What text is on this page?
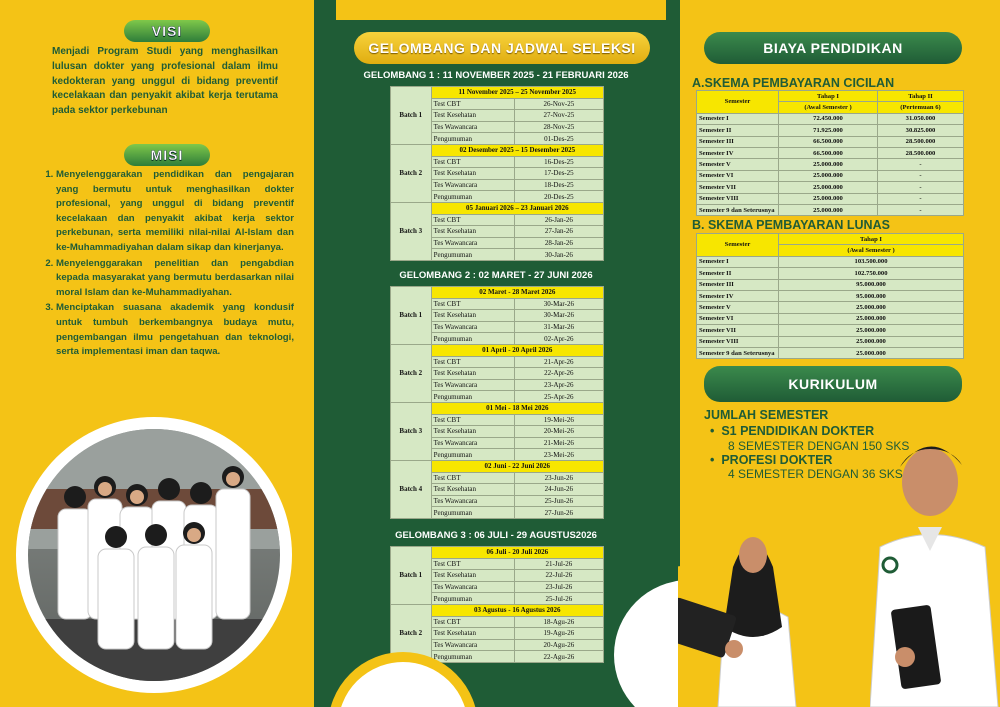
VISI

Menjadi Program Studi yang menghasilkan lulusan dokter yang profesional dalam ilmu kedokteran yang unggul di bidang preventif kecelakaan dan penyakit akibat kerja terutama pada sektor perkebunan

MISI
1. Menyelenggarakan pendidikan dan pengajaran yang bermutu untuk menghasilkan dokter profesional, yang unggul di bidang preventif kecelakaan dan penyakit akibat kerja sektor perkebunan, serta memiliki nilai-nilai Al-Islam dan ke-Muhammadiyahan dalam sikap dan kinerjanya.
2. Menyelenggarakan penelitian dan pengabdian kepada masyarakat yang bermutu berdasarkan nilai moral Islam dan ke-Muhammadiyahan.
3. Menciptakan suasana akademik yang kondusif untuk tumbuh berkembangnya budaya mutu, pengembangan ilmu pengetahuan dan teknologi, serta implementasi iman dan taqwa.
GELOMBANG DAN JADWAL SELEKSI
GELOMBANG 1 : 11 NOVEMBER 2025 - 21 FEBRUARI 2026
Batch 1	11 November 2025 – 25 November 2025	
	Test CBT	26-Nov-25
	Test Kesehatan	27-Nov-25
	Tes Wawancara	28-Nov-25
	Pengumuman	01-Des-25
Batch 2	02 Desember 2025 – 15 Desember 2025	
	Test CBT	16-Des-25
	Test Kesehatan	17-Des-25
	Tes Wawancara	18-Des-25
	Pengumuman	20-Des-25
Batch 3	05 Januari 2026 – 23 Januari 2026	
	Test CBT	26-Jan-26
	Test Kesehatan	27-Jan-26
	Tes Wawancara	28-Jan-26
	Pengumuman	30-Jan-26
GELOMBANG 2 : 02 MARET - 27 JUNI 2026
Batch 1	02 Maret - 28 Maret 2026	
	Test CBT	30-Mar-26
	Test Kesehatan	30-Mar-26
	Tes Wawancara	31-Mar-26
	Pengumuman	02-Apr-26
Batch 2	01 April - 20 April 2026	
	Test CBT	21-Apr-26
	Test Kesehatan	22-Apr-26
	Tes Wawancara	23-Apr-26
	Pengumuman	25-Apr-26
Batch 3	01 Mei - 18 Mei 2026	
	Test CBT	19-Mei-26
	Test Kesehatan	20-Mei-26
	Tes Wawancara	21-Mei-26
	Pengumuman	23-Mei-26
Batch 4	02 Juni - 22 Juni 2026	
	Test CBT	23-Jun-26
	Test Kesehatan	24-Jun-26
	Tes Wawancara	25-Jun-26
	Pengumuman	27-Jun-26
GELOMBANG 3 : 06 JULI - 29 AGUSTUS2026
Batch 1	06 Juli - 20 Juli 2026	
	Test CBT	21-Jul-26
	Test Kesehatan	22-Jul-26
	Tes Wawancara	23-Jul-26
	Pengumuman	25-Jul-26
Batch 2	03 Agustus - 16 Agustus 2026	
	Test CBT	18-Agu-26
	Test Kesehatan	19-Agu-26
	Tes Wawancara	20-Agu-26
	Pengumuman	22-Agu-26
BIAYA PENDIDIKAN
A.SKEMA PEMBAYARAN CICILAN
Semester	Tahap I	Tahap II
	(Awal Semester )	(Pertemuan 6)
Semester I	72.450.000	31.050.000
Semester II	71.925.000	30.825.000
Semester III	66.500.000	28.500.000
Semester IV	66.500.000	28.500.000
Semester V	25.000.000	-
Semester VI	25.000.000	-
Semester VII	25.000.000	-
Semester VIII	25.000.000	-
Semester 9 dan Seterusnya	25.000.000	-
B. SKEMA PEMBAYARAN LUNAS
Semester	Tahap I
	(Awal Semester )
Semester I	103.500.000
Semester II	102.750.000
Semester III	95.000.000
Semester IV	95.000.000
Semester V	25.000.000
Semester VI	25.000.000
Semester VII	25.000.000
Semester VIII	25.000.000
Semester 9 dan Seterusnya	25.000.000
KURIKULUM
JUMLAH SEMESTER
•  S1 PENDIDIKAN DOKTER
8 SEMESTER DENGAN 150 SKS
•  PROFESI DOKTER
4 SEMESTER DENGAN 36 SKS
